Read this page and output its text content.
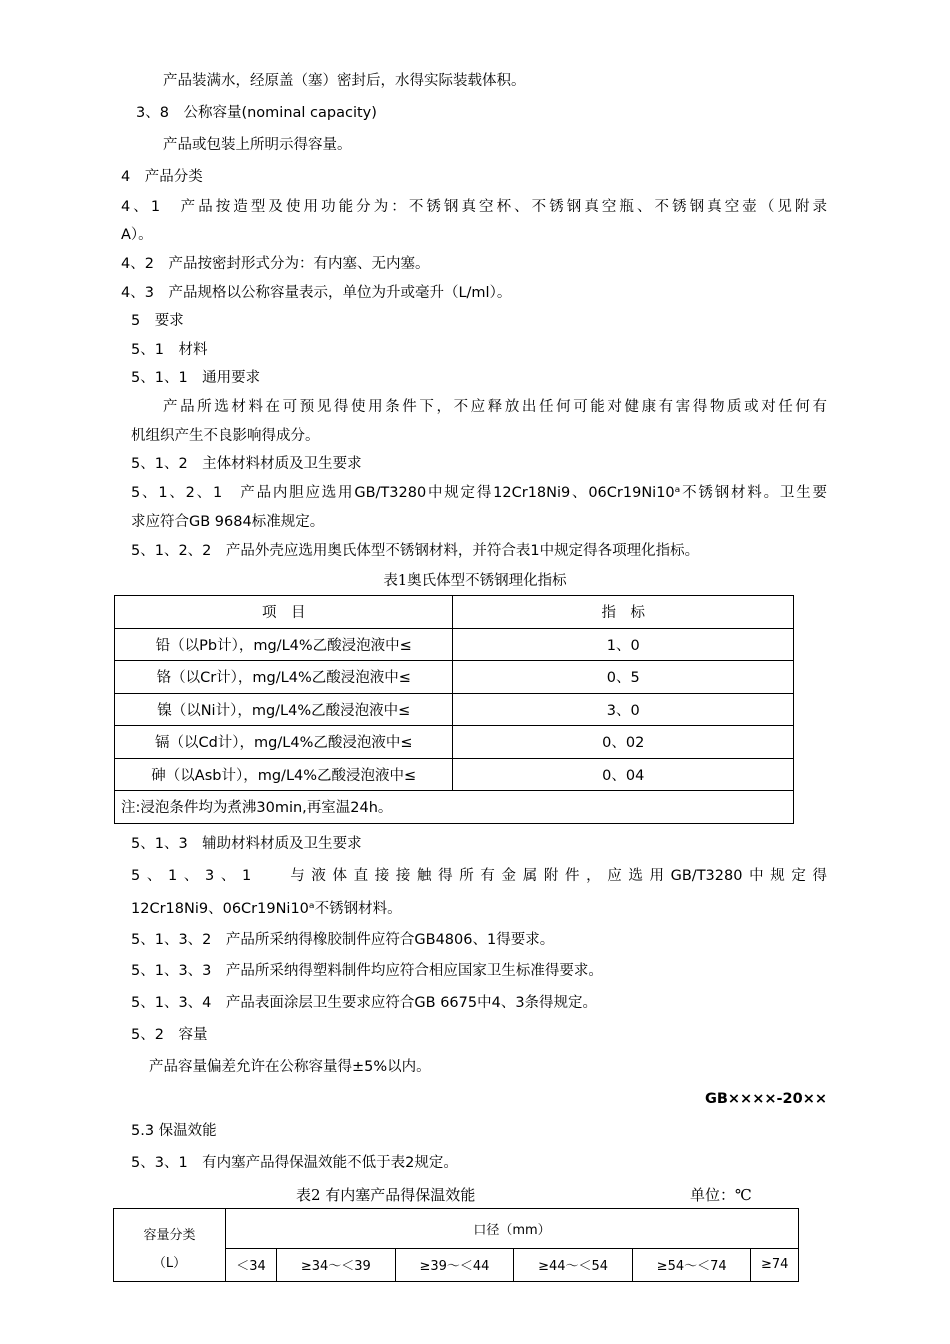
产品装满水，经原盖（塞）密封后，水得实际装载体积。
3、8　公称容量(nominal capacity)
产品或包装上所明示得容量。
4　产品分类
4、1　产品按造型及使用功能分为：不锈钢真空杯、不锈钢真空瓶、不锈钢真空壶（见附录
A）。
4、2　产品按密封形式分为：有内塞、无内塞。
4、3　产品规格以公称容量表示，单位为升或毫升（L/ml）。
5　要求
5、1　材料
5、1、1　通用要求
产品所选材料在可预见得使用条件下，不应释放出任何可能对健康有害得物质或对任何有
机组织产生不良影响得成分。
5、1、2　主体材料材质及卫生要求
5、1、2、1　产品内胆应选用GB/T3280中规定得12Cr18Ni9、06Cr19Ni10ᵃ不锈钢材料。卫生要
求应符合GB 9684标准规定。
5、1、2、2　产品外壳应选用奥氏体型不锈钢材料，并符合表1中规定得各项理化指标。
表1奥氏体型不锈钢理化指标
项　目	指　标
铅（以Pb计），mg/L4%乙酸浸泡液中≤	1、0
铬（以Cr计），mg/L4%乙酸浸泡液中≤	0、5
镍（以Ni计），mg/L4%乙酸浸泡液中≤	3、0
镉（以Cd计），mg/L4%乙酸浸泡液中≤	0、02
砷（以Asb计），mg/L4%乙酸浸泡液中≤	0、04
注:浸泡条件均为煮沸30min,再室温24h。	
5、1、3　辅助材料材质及卫生要求
5、1、3、1　 与液体直接接触得所有金属附件，应选用GB/T3280中规定得
12Cr18Ni9、06Cr19Ni10ᵃ不锈钢材料。
5、1、3、2　产品所采纳得橡胶制件应符合GB4806、1得要求。
5、1、3、3　产品所采纳得塑料制件均应符合相应国家卫生标准得要求。
5、1、3、4　产品表面涂层卫生要求应符合GB 6675中4、3条得规定。
5、2　容量
产品容量偏差允许在公称容量得±5%以内。
GB××××-20××
5.3 保温效能
5、3、1　有内塞产品得保温效能不低于表2规定。
表2 有内塞产品得保温效能	单位：℃
容量分类
（L）	口径（mm）					
	＜34	≥34～＜39	≥39～＜44	≥44～＜54	≥54～＜74	≥74
